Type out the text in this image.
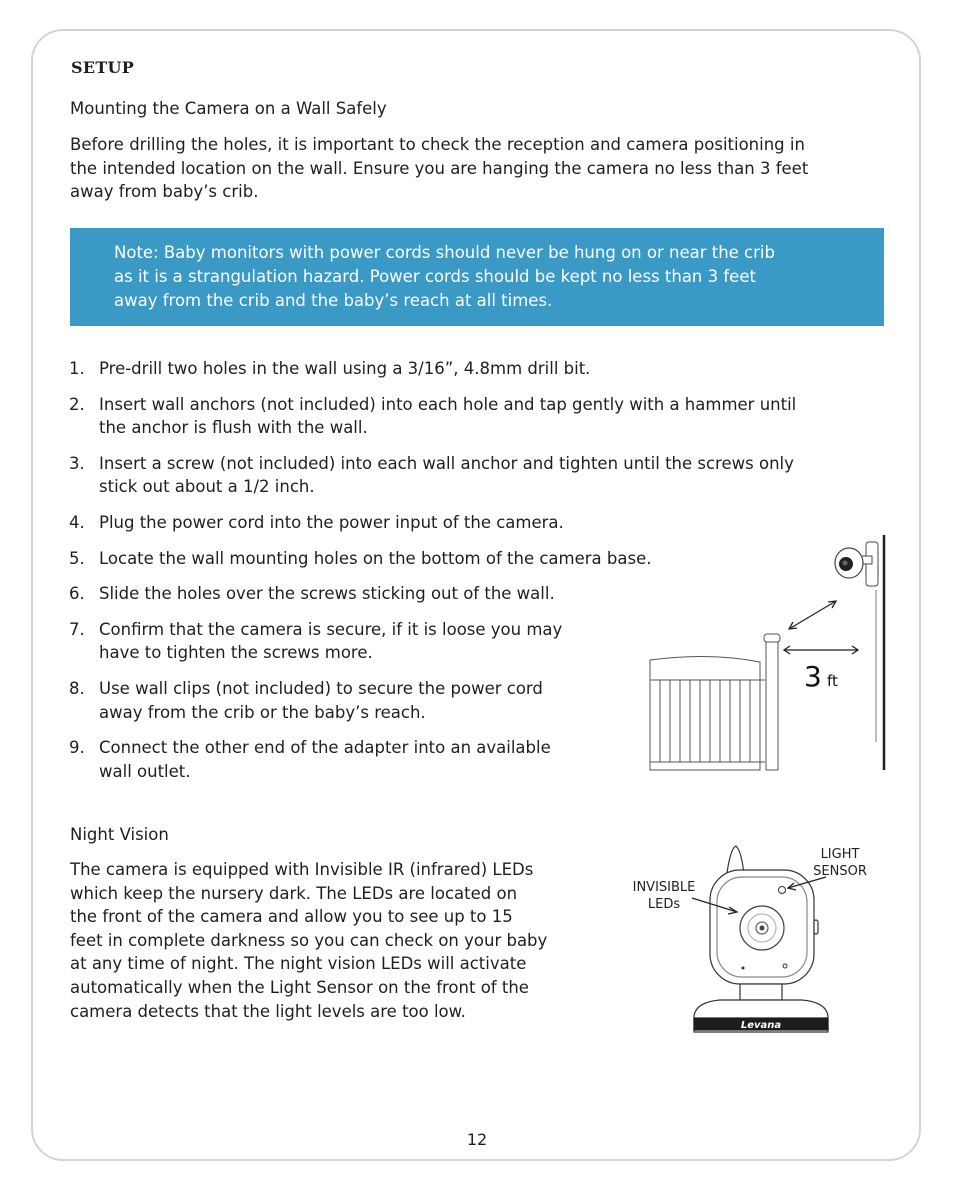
SETUP
Mounting the Camera on a Wall Safely
Before drilling the holes, it is important to check the reception and camera positioning in
the intended location on the wall. Ensure you are hanging the camera no less than 3 feet
away from baby’s crib.
Note: Baby monitors with power cords should never be hung on or near the crib
as it is a strangulation hazard. Power cords should be kept no less than 3 feet
away from the crib and the baby’s reach at all times.
1. Pre-drill two holes in the wall using a 3/16”, 4.8mm drill bit.
2. Insert wall anchors (not included) into each hole and tap gently with a hammer until
the anchor is flush with the wall.
3. Insert a screw (not included) into each wall anchor and tighten until the screws only
stick out about a 1/2 inch.
4. Plug the power cord into the power input of the camera.
5. Locate the wall mounting holes on the bottom of the camera base.
6. Slide the holes over the screws sticking out of the wall.
7. Confirm that the camera is secure, if it is loose you may
have to tighten the screws more.
8. Use wall clips (not included) to secure the power cord
away from the crib or the baby’s reach.
9. Connect the other end of the adapter into an available
wall outlet.
3 ft
Night Vision
The camera is equipped with Invisible IR (infrared) LEDs
which keep the nursery dark. The LEDs are located on
the front of the camera and allow you to see up to 15
feet in complete darkness so you can check on your baby
at any time of night. The night vision LEDs will activate
automatically when the Light Sensor on the front of the
camera detects that the light levels are too low.
Levana
INVISIBLE
LEDs
LIGHT
SENSOR
12
